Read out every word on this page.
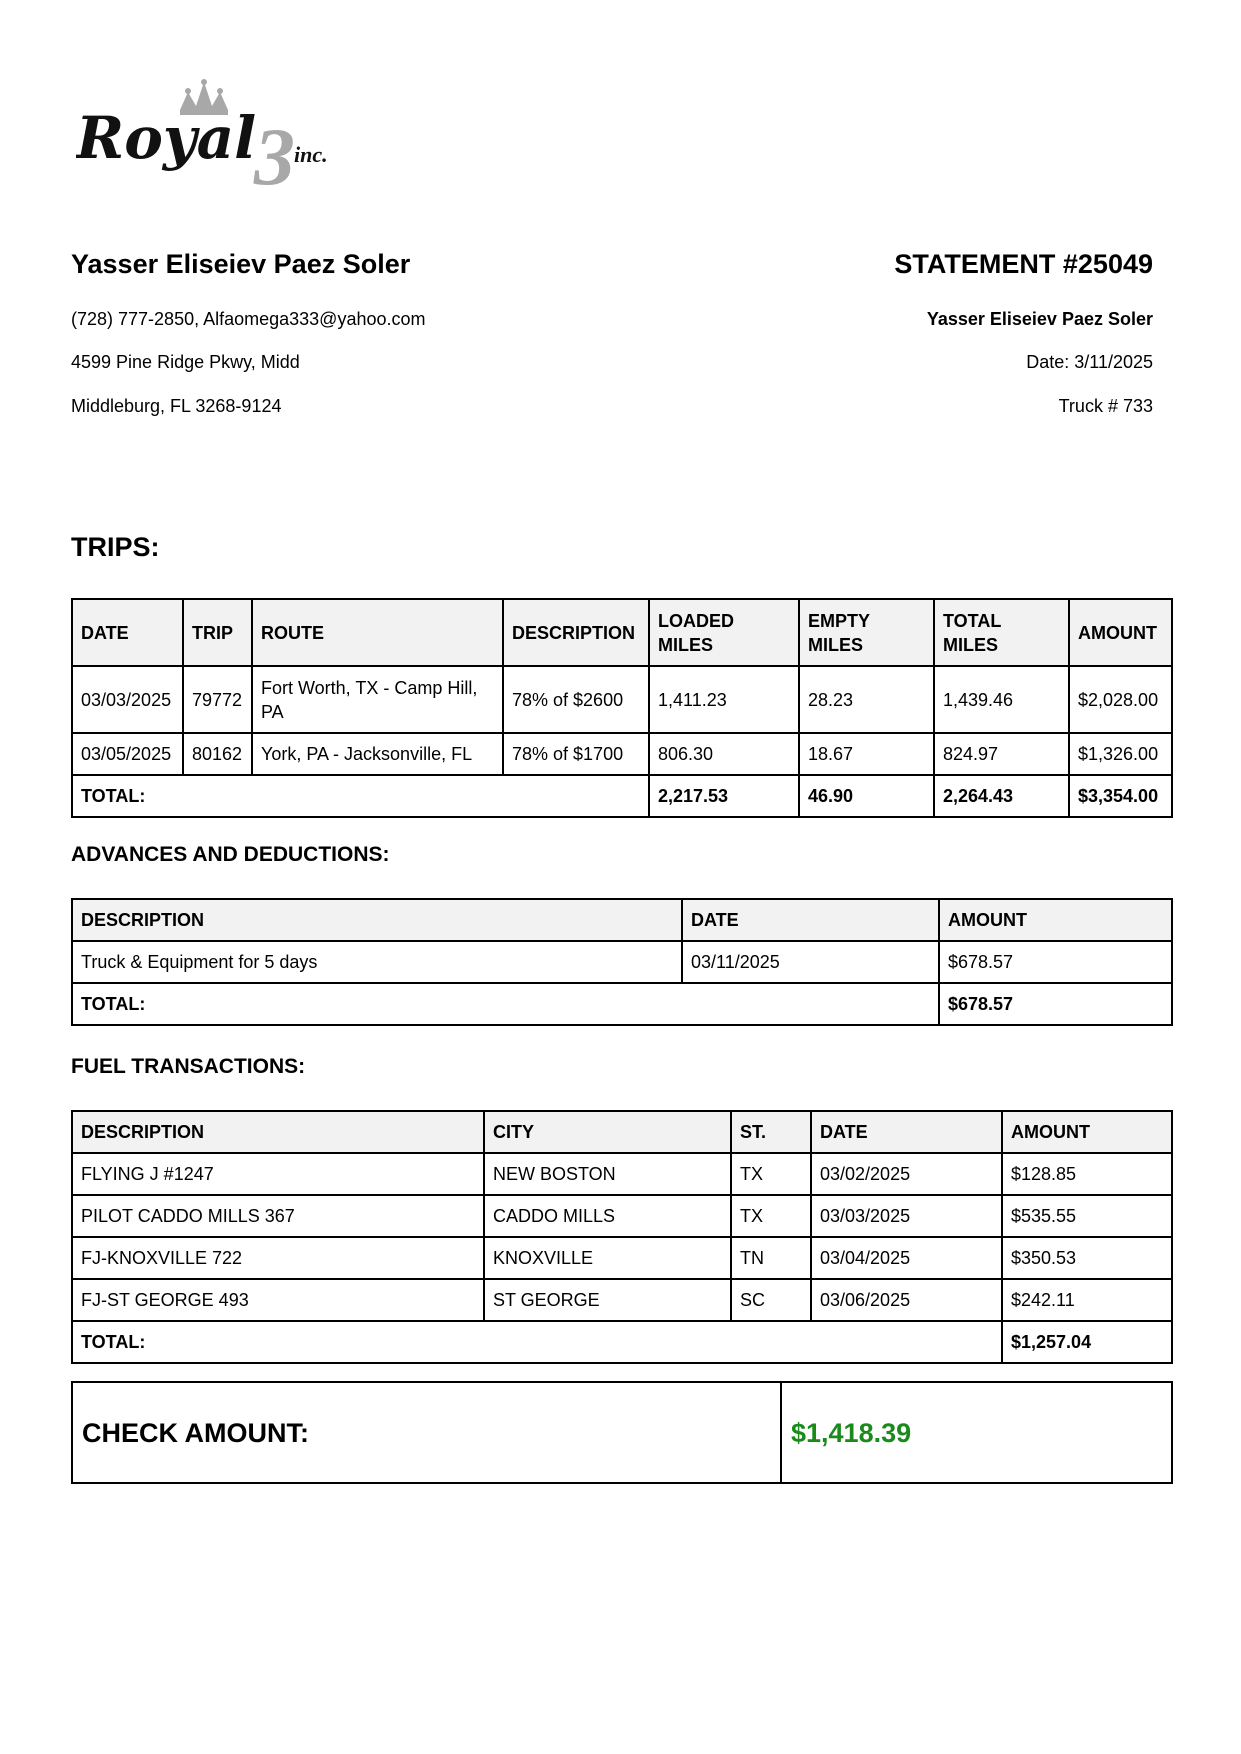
3
Royal inc.

Yasser Eliseiev Paez Soler

(728) 777-2850, Alfaomega333@yahoo.com
4599 Pine Ridge Pkwy, Midd
Middleburg, FL 3268-9124

STATEMENT #25049

Yasser Eliseiev Paez Soler
Date: 3/11/2025
Truck # 733

TRIPS:

DATE	TRIP	ROUTE	DESCRIPTION	LOADED MILES	EMPTY MILES	TOTAL MILES	AMOUNT
03/03/2025	79772	Fort Worth, TX - Camp Hill, PA	78% of $2600	1,411.23	28.23	1,439.46	$2,028.00
03/05/2025	80162	York, PA - Jacksonville, FL	78% of $1700	806.30	18.67	824.97	$1,326.00
TOTAL:				2,217.53	46.90	2,264.43	$3,354.00

ADVANCES AND DEDUCTIONS:

DESCRIPTION	DATE	AMOUNT
Truck & Equipment for 5 days	03/11/2025	$678.57
TOTAL:		$678.57

FUEL TRANSACTIONS:

DESCRIPTION	CITY	ST.	DATE	AMOUNT
FLYING J #1247	NEW BOSTON	TX	03/02/2025	$128.85
PILOT CADDO MILLS 367	CADDO MILLS	TX	03/03/2025	$535.55
FJ-KNOXVILLE 722	KNOXVILLE	TN	03/04/2025	$350.53
FJ-ST GEORGE 493	ST GEORGE	SC	03/06/2025	$242.11
TOTAL:				$1,257.04
CHECK AMOUNT:	$1,418.39
